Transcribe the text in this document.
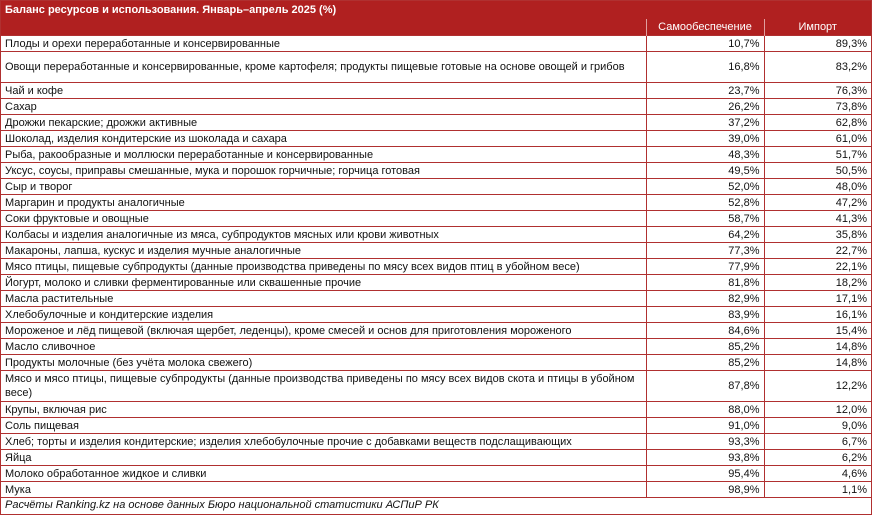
Баланс ресурсов и использования. Январь–апрель 2025 (%)
	Самообеспечение	Импорт
Плоды и орехи переработанные и консервированные	10,7%	89,3%
Овощи переработанные и консервированные, кроме картофеля; продукты пищевые готовые на основе овощей и грибов	16,8%	83,2%
Чай и кофе	23,7%	76,3%
Сахар	26,2%	73,8%
Дрожжи пекарские; дрожжи активные	37,2%	62,8%
Шоколад, изделия кондитерские из шоколада и сахара	39,0%	61,0%
Рыба, ракообразные и моллюски переработанные и консервированные	48,3%	51,7%
Уксус, соусы, приправы смешанные, мука и порошок горчичные; горчица готовая	49,5%	50,5%
Сыр и творог	52,0%	48,0%
Маргарин и продукты аналогичные	52,8%	47,2%
Соки фруктовые и овощные	58,7%	41,3%
Колбасы и изделия аналогичные из мяса, субпродуктов мясных или крови животных	64,2%	35,8%
Макароны, лапша, кускус и изделия мучные аналогичные	77,3%	22,7%
Мясо птицы, пищевые субпродукты (данные производства приведены по мясу всех видов птиц в убойном весе)	77,9%	22,1%
Йогурт, молоко и сливки ферментированные или сквашенные прочие	81,8%	18,2%
Масла растительные	82,9%	17,1%
Хлебобулочные и кондитерские изделия	83,9%	16,1%
Мороженое и лёд пищевой (включая щербет, леденцы), кроме смесей и основ для приготовления мороженого	84,6%	15,4%
Масло сливочное	85,2%	14,8%
Продукты молочные (без учёта молока свежего)	85,2%	14,8%
Мясо и мясо птицы, пищевые субпродукты (данные производства приведены по мясу всех видов скота и птицы в убойном весе)	87,8%	12,2%
Крупы, включая рис	88,0%	12,0%
Соль пищевая	91,0%	9,0%
Хлеб; торты и изделия кондитерские; изделия хлебобулочные прочие с добавками веществ подслащивающих	93,3%	6,7%
Яйца	93,8%	6,2%
Молоко обработанное жидкое и сливки	95,4%	4,6%
Мука	98,9%	1,1%
Расчёты Ranking.kz на основе данных Бюро национальной статистики АСПиР РК
